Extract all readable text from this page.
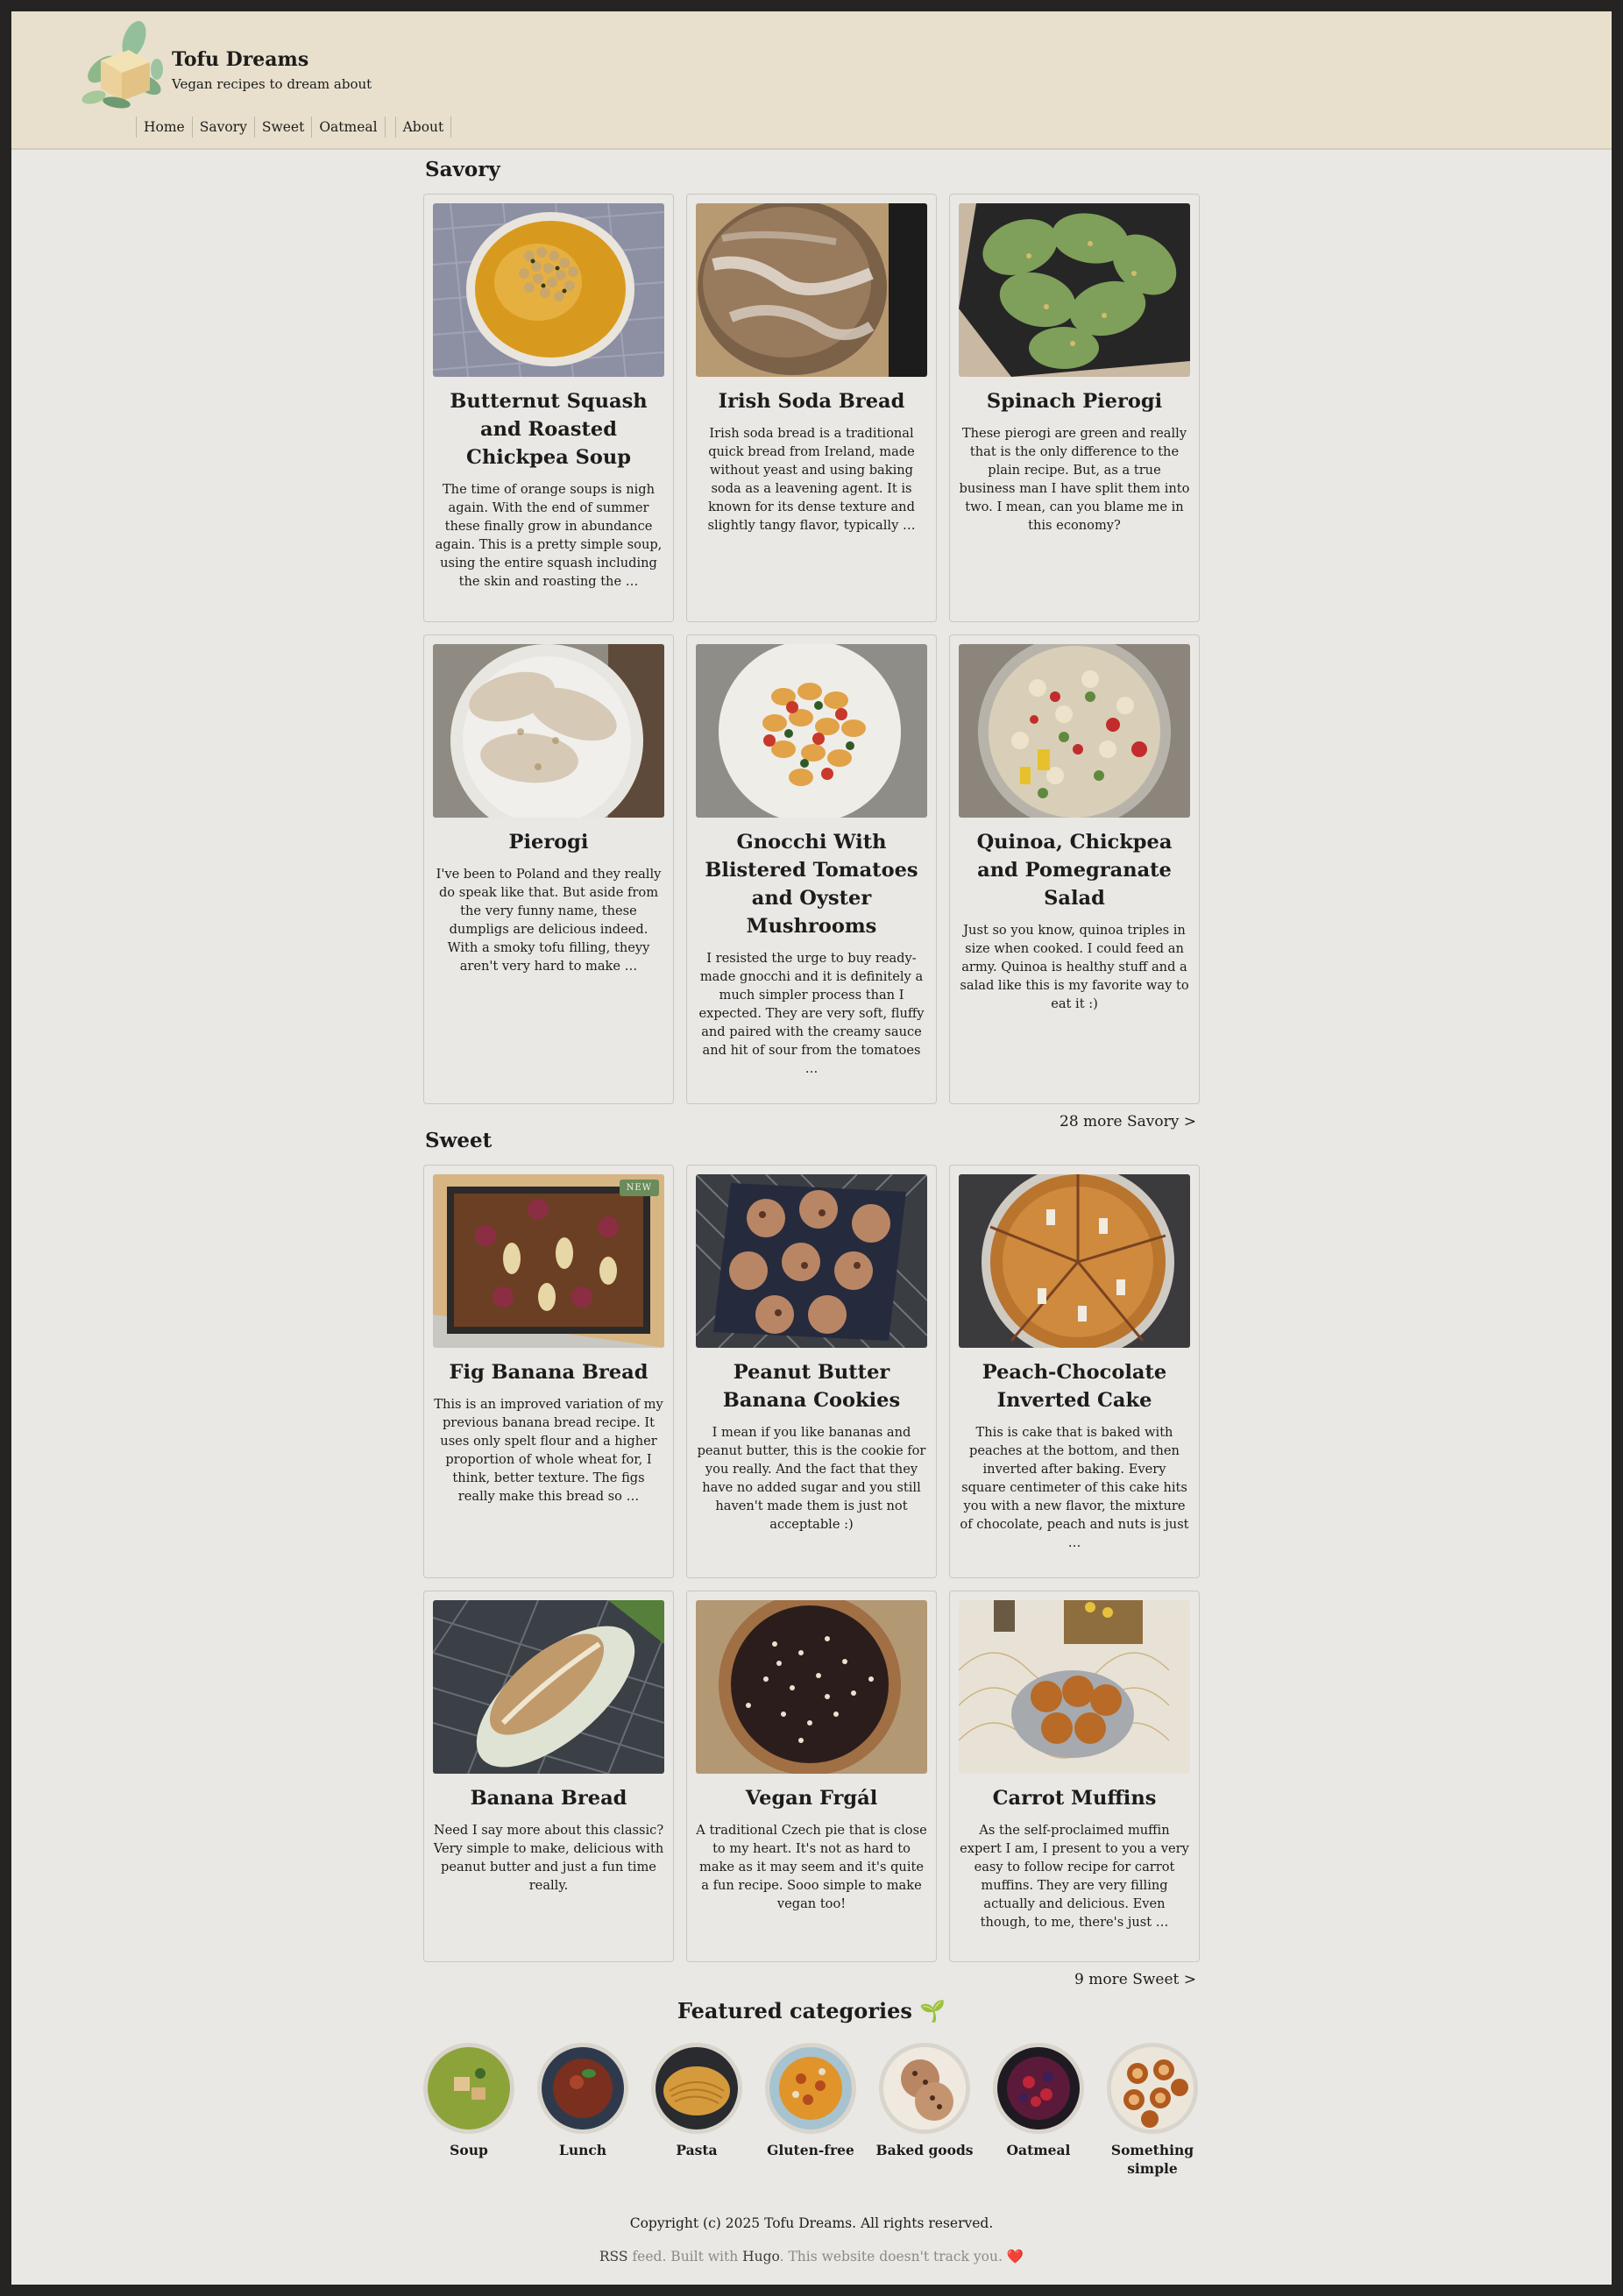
Tofu Dreams
Vegan recipes to dream about
Home	Savory	Sweet	Oatmeal	About
Savory
Butternut Squash and Roasted Chickpea Soup

The time of orange soups is nigh again. With the end of summer these finally grow in abundance again. This is a pretty simple soup, using the entire squash including the skin and roasting the …

Irish Soda Bread

Irish soda bread is a traditional quick bread from Ireland, made without yeast and using baking soda as a leavening agent. It is known for its dense texture and slightly tangy flavor, typically …

Spinach Pierogi

These pierogi are green and really that is the only difference to the plain recipe. But, as a true business man I have split them into two. I mean, can you blame me in this economy?

Pierogi

I've been to Poland and they really do speak like that. But aside from the very funny name, these dumpligs are delicious indeed. With a smoky tofu filling, theyy aren't very hard to make …

Gnocchi With Blistered Tomatoes and Oyster Mushrooms

I resisted the urge to buy ready-made gnocchi and it is definitely a much simpler process than I expected. They are very soft, fluffy and paired with the creamy sauce and hit of sour from the tomatoes …

Quinoa, Chickpea and Pomegranate Salad

Just so you know, quinoa triples in size when cooked. I could feed an army. Quinoa is healthy stuff and a salad like this is my favorite way to eat it :)

28 more Savory >
Sweet
NEW
Fig Banana Bread

This is an improved variation of my previous banana bread recipe. It uses only spelt flour and a higher proportion of whole wheat for, I think, better texture. The figs really make this bread so …

Peanut Butter Banana Cookies

I mean if you like bananas and peanut butter, this is the cookie for you really. And the fact that they have no added sugar and you still haven't made them is just not acceptable :)

Peach-Chocolate Inverted Cake

This is cake that is baked with peaches at the bottom, and then inverted after baking. Every square centimeter of this cake hits you with a new flavor, the mixture of chocolate, peach and nuts is just …

Banana Bread

Need I say more about this classic? Very simple to make, delicious with peanut butter and just a fun time really.

Vegan Frgál

A traditional Czech pie that is close to my heart. It's not as hard to make as it may seem and it's quite a fun recipe. Sooo simple to make vegan too!

Carrot Muffins

As the self-proclaimed muffin expert I am, I present to you a very easy to follow recipe for carrot muffins. They are very filling actually and delicious. Even though, to me, there's just …

9 more Sweet >
Featured categories 🌱
Soup	Lunch	Pasta	Gluten-free	Baked goods	Oatmeal	Something simple
Copyright (c) 2025 Tofu Dreams. All rights reserved.
RSS feed. Built with Hugo. This website doesn't track you. ❤️
